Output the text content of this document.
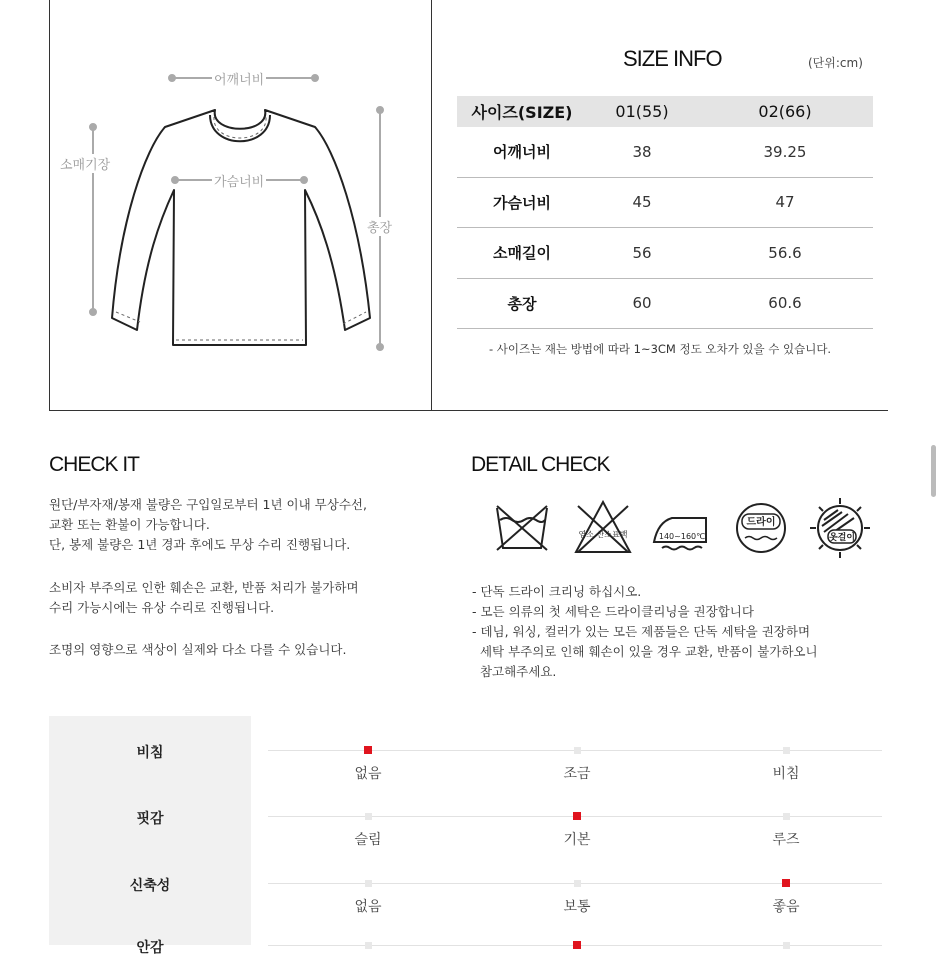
어깨너비
가슴너비
소매기장
총장
SIZE INFO	(단위:cm)
사이즈(SIZE)	01(55)	02(66)
어깨너비	38	39.25
가슴너비	45	47
소매길이	56	56.6
총장	60	60.6
- 사이즈는 재는 방법에 따라 1~3CM 정도 오차가 있을 수 있습니다.
CHECK IT
원단/부자재/봉재 불량은 구입일로부터 1년 이내 무상수선,
교환 또는 환불이 가능합니다.
단, 봉제 불량은 1년 경과 후에도 무상 수리 진행됩니다.
소비자 부주의로 인한 훼손은 교환, 반품 처리가 불가하며
수리 가능시에는 유상 수리로 진행됩니다.
조명의 영향으로 색상이 실제와 다소 다를 수 있습니다.
DETAIL CHECK
염소 산소표백	140~160℃
드라이
옷걸이
- 단독 드라이 크리닝 하십시오.
- 모든 의류의 첫 세탁은 드라이클리닝을 권장합니다
- 데님, 워싱, 컬러가 있는 모든 제품들은 단독 세탁을 권장하며
세탁 부주의로 인해 훼손이 있을 경우 교환, 반품이 불가하오니
참고해주세요.
비침
없음	조금	비침
핏감
슬림	기본	루즈
신축성
없음	보통	좋음
안감
